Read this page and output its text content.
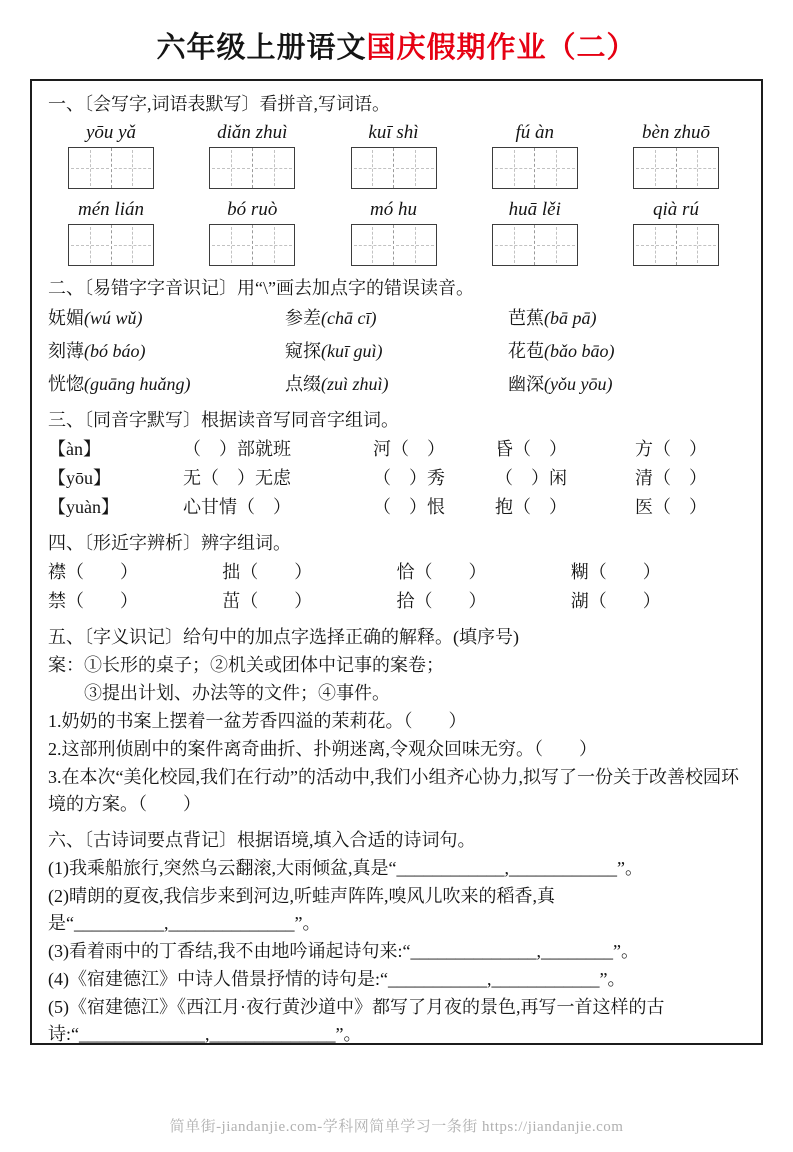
六年级上册语文国庆假期作业（二）
一、〔会写字,词语表默写〕看拼音,写词语。
yōu yǎ	diǎn zhuì	kuī shì	fú àn	bèn zhuō
mén lián	bó ruò	mó hu	huā lěi	qià rú
二、〔易错字字音识记〕用“\”画去加点字的错误读音。
妩媚(wú wǔ)	参差(chā cī)	芭蕉(bā pā)
刻薄(bó báo)	窥探(kuī guì)	花苞(bǎo bāo)
恍惚(guāng huǎng)	点缀(zuì zhuì)	幽深(yǒu yōu)
三、〔同音字默写〕根据读音写同音字组词。
【àn】	（　）部就班	河（　）	昏（　）	方（　）
【yōu】	无（　）无虑	（　）秀	（　）闲	清（　）
【yuàn】	心甘情（　）	（　）恨	抱（　）	医（　）
四、〔形近字辨析〕辨字组词。
襟（　　）	拙（　　）	恰（　　）	糊（　　）
禁（　　）	茁（　　）	拾（　　）	湖（　　）
五、〔字义识记〕给句中的加点字选择正确的解释。(填序号)
案：①长形的桌子；②机关或团体中记事的案卷；
③提出计划、办法等的文件；④事件。
1.奶奶的书案上摆着一盆芳香四溢的茉莉花。（　　）
2.这部刑侦剧中的案件离奇曲折、扑朔迷离,令观众回味无穷。（　　）
3.在本次“美化校园,我们在行动”的活动中,我们小组齐心协力,拟写了一份关于改善校园环境的方案。（　　）
六、〔古诗词要点背记〕根据语境,填入合适的诗词句。
(1)我乘船旅行,突然乌云翻滚,大雨倾盆,真是“____________,____________”。
(2)晴朗的夏夜,我信步来到河边,听蛙声阵阵,嗅风儿吹来的稻香,真是“__________,______________”。
(3)看着雨中的丁香结,我不由地吟诵起诗句来:“______________,________”。
(4)《宿建德江》中诗人借景抒情的诗句是:“___________,____________”。
(5)《宿建德江》《西江月·夜行黄沙道中》都写了月夜的景色,再写一首这样的古诗:“______________,______________”。
简单街-jiandanjie.com-学科网简单学习一条街 https://jiandanjie.com
